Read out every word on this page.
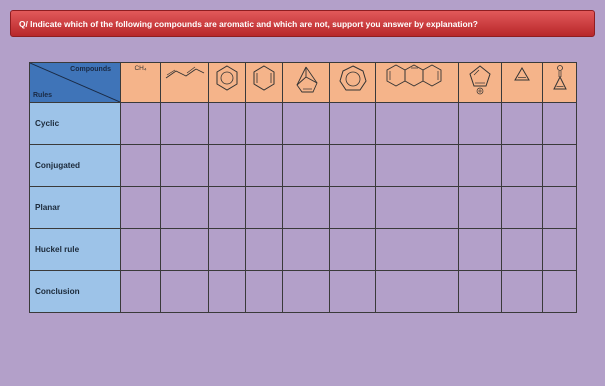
Q/ Indicate which of the following compounds are aromatic and which are not, support you answer by explanation?
Compounds
Rules	CH₄

Cyclic										
Conjugated										
Planar										
Huckel rule										
Conclusion										
